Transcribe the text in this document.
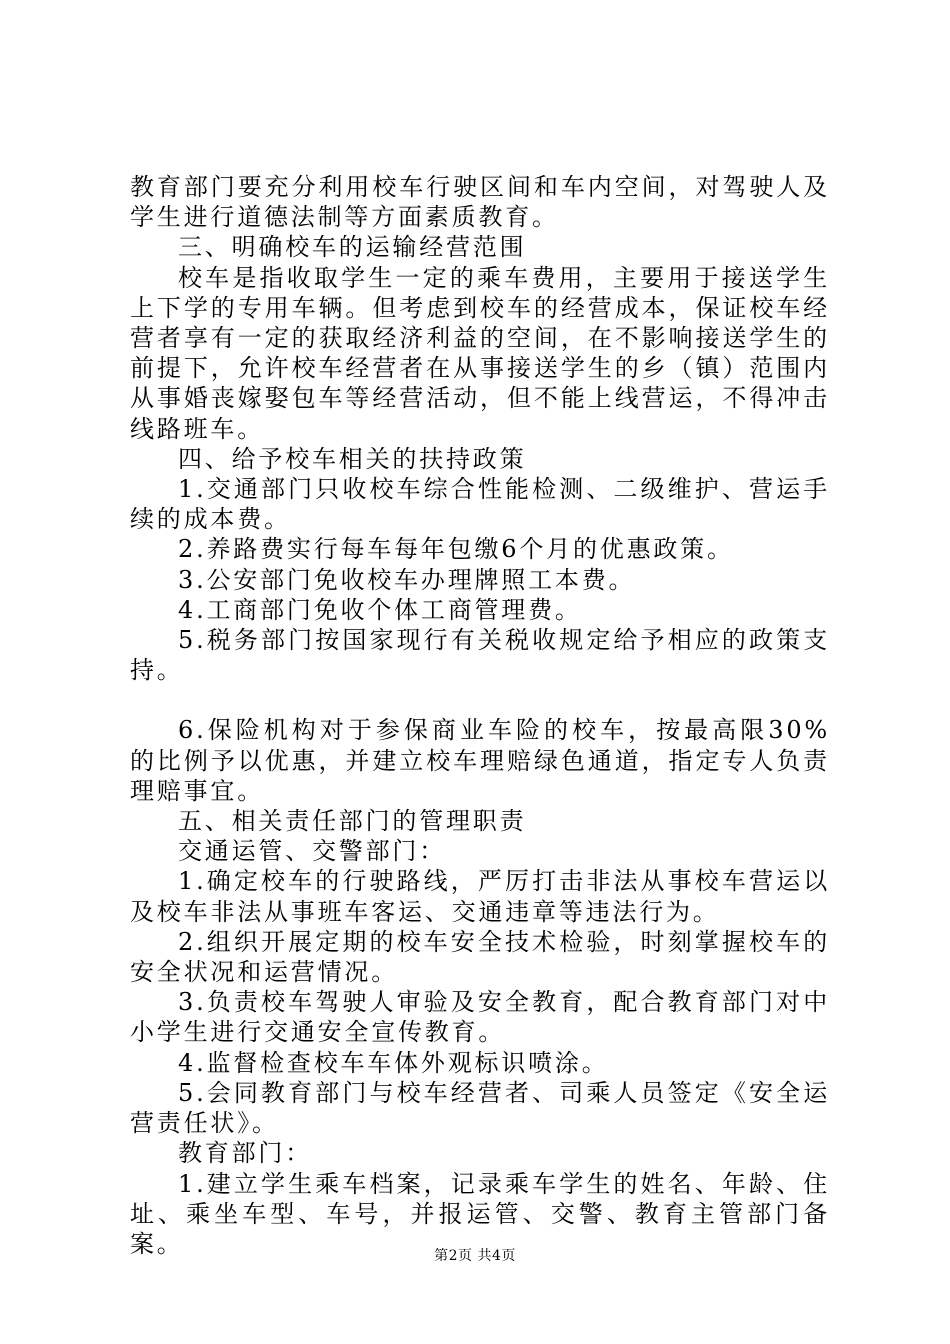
教育部门要充分利用校车行驶区间和车内空间，对驾驶人及学生进行道德法制等方面素质教育。

三、明确校车的运输经营范围

校车是指收取学生一定的乘车费用，主要用于接送学生上下学的专用车辆。但考虑到校车的经营成本，保证校车经营者享有一定的获取经济利益的空间，在不影响接送学生的前提下，允许校车经营者在从事接送学生的乡（镇）范围内从事婚丧嫁娶包车等经营活动，但不能上线营运，不得冲击线路班车。

四、给予校车相关的扶持政策

1.交通部门只收校车综合性能检测、二级维护、营运手续的成本费。

2.养路费实行每车每年包缴6个月的优惠政策。

3.公安部门免收校车办理牌照工本费。

4.工商部门免收个体工商管理费。

5.税务部门按国家现行有关税收规定给予相应的政策支持。

6.保险机构对于参保商业车险的校车，按最高限30%的比例予以优惠，并建立校车理赔绿色通道，指定专人负责理赔事宜。

五、相关责任部门的管理职责

交通运管、交警部门：

1.确定校车的行驶路线，严厉打击非法从事校车营运以及校车非法从事班车客运、交通违章等违法行为。

2.组织开展定期的校车安全技术检验，时刻掌握校车的安全状况和运营情况。

3.负责校车驾驶人审验及安全教育，配合教育部门对中小学生进行交通安全宣传教育。

4.监督检查校车车体外观标识喷涂。

5.会同教育部门与校车经营者、司乘人员签定《安全运营责任状》。

教育部门：

1.建立学生乘车档案，记录乘车学生的姓名、年龄、住址、乘坐车型、车号，并报运管、交警、教育主管部门备案。	第2页 共4页
